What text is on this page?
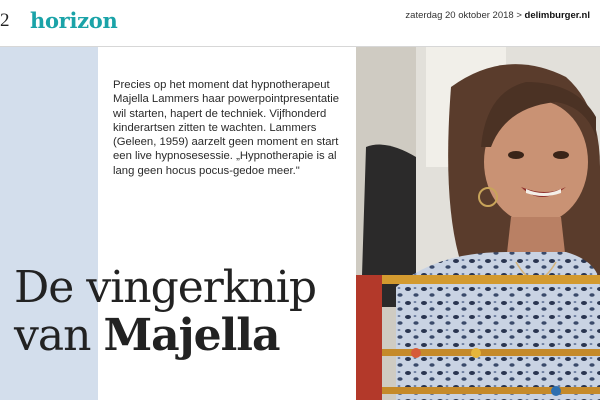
2 horizon	zaterdag 20 oktober 2018 > delimburger.nl

Precies op het moment dat hypnotherapeut Majella Lammers haar powerpointpresentatie wil starten, hapert de techniek. Vijfhonderd kinderartsen zitten te wachten. Lammers (Geleen, 1959) aarzelt geen moment en start een live hypnosesessie. „Hypnotherapie is al lang geen hocus pocus-gedoe meer."

De vingerknip
van Majella
